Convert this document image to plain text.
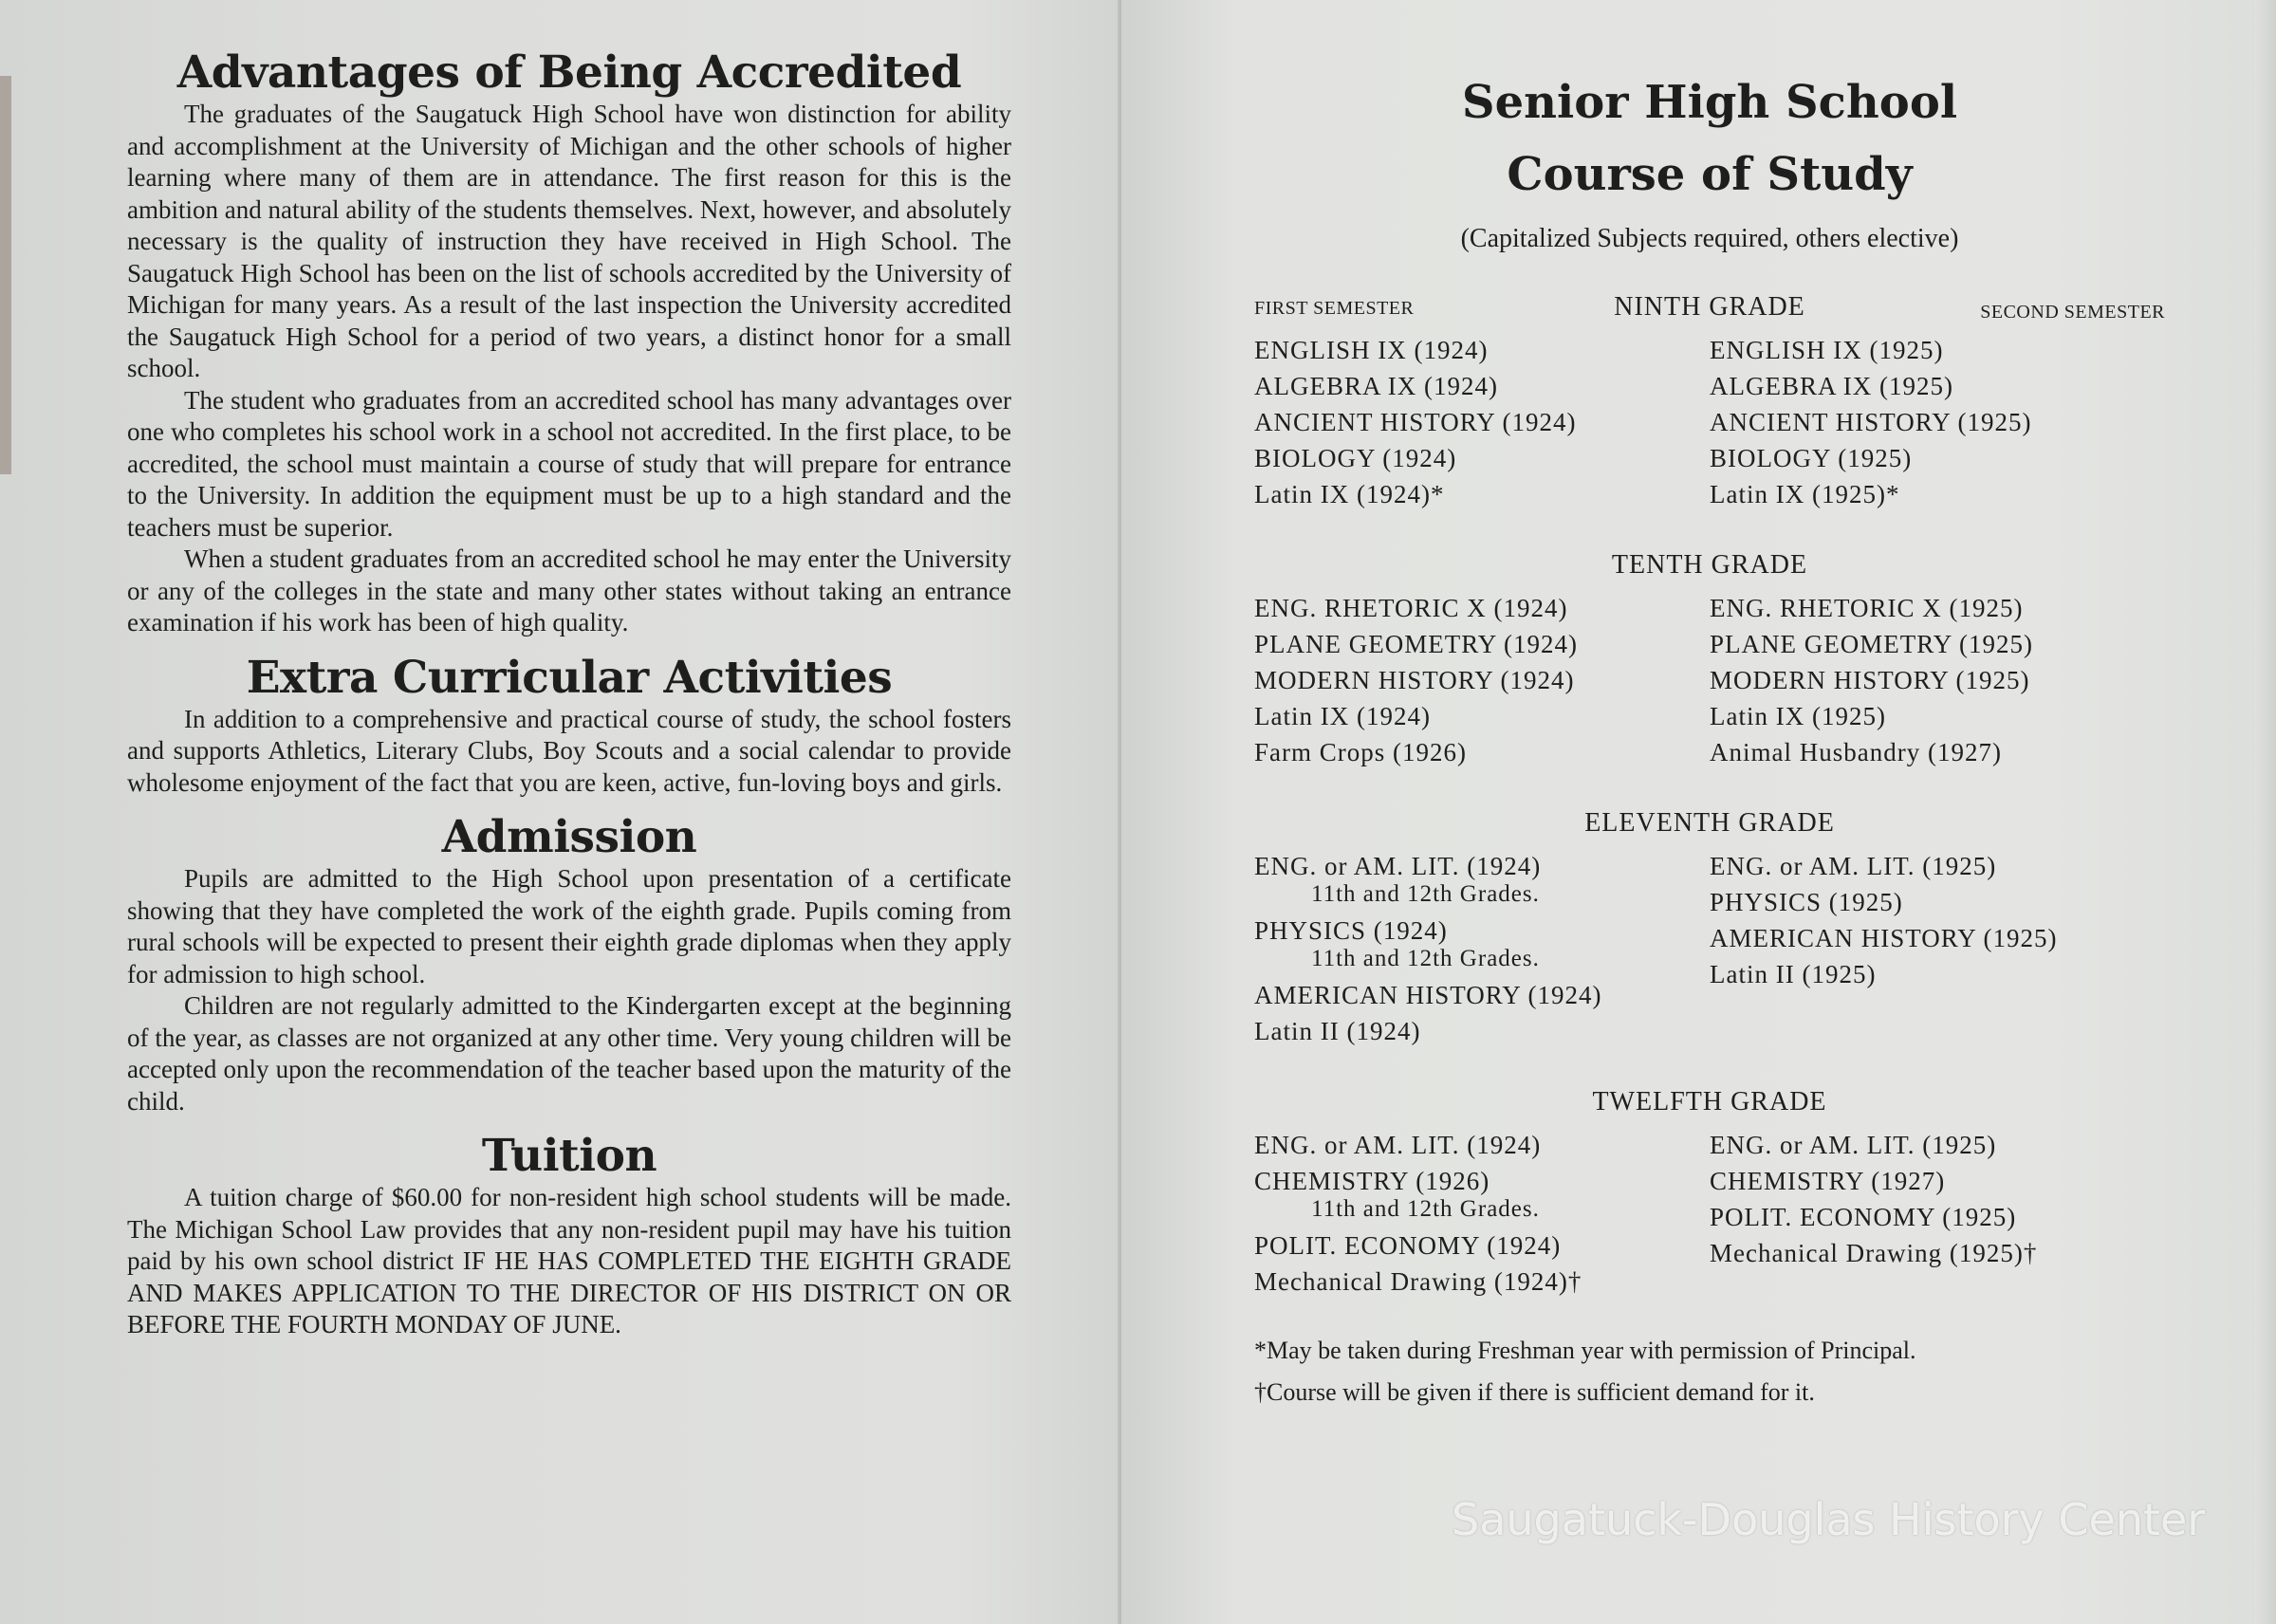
Advantages of Being Accredited

The graduates of the Saugatuck High School have won distinction for ability and accomplishment at the University of Michigan and the other schools of higher learning where many of them are in attendance. The first reason for this is the ambition and natural ability of the students themselves. Next, however, and absolutely necessary is the quality of instruction they have received in High School. The Saugatuck High School has been on the list of schools accredited by the University of Michigan for many years. As a result of the last inspection the University accredited the Saugatuck High School for a period of two years, a distinct honor for a small school.

The student who graduates from an accredited school has many advantages over one who completes his school work in a school not accredited. In the first place, to be accredited, the school must maintain a course of study that will prepare for entrance to the University. In addition the equipment must be up to a high standard and the teachers must be superior.

When a student graduates from an accredited school he may enter the University or any of the colleges in the state and many other states without taking an entrance examination if his work has been of high quality.

Extra Curricular Activities

In addition to a comprehensive and practical course of study, the school fosters and supports Athletics, Literary Clubs, Boy Scouts and a social calendar to provide wholesome enjoyment of the fact that you are keen, active, fun-loving boys and girls.

Admission

Pupils are admitted to the High School upon presentation of a certificate showing that they have completed the work of the eighth grade. Pupils coming from rural schools will be expected to present their eighth grade diplomas when they apply for admission to high school.

Children are not regularly admitted to the Kindergarten except at the beginning of the year, as classes are not organized at any other time. Very young children will be accepted only upon the recommendation of the teacher based upon the maturity of the child.

Tuition

A tuition charge of $60.00 for non-resident high school students will be made. The Michigan School Law provides that any non-resident pupil may have his tuition paid by his own school district IF HE HAS COMPLETED THE EIGHTH GRADE AND MAKES APPLICATION TO THE DIRECTOR OF HIS DISTRICT ON OR BEFORE THE FOURTH MONDAY OF JUNE.

Senior High School
Course of Study
(Capitalized Subjects required, others elective)
FIRST SEMESTER	SECOND SEMESTER
NINTH GRADE
ENGLISH IX (1924)
ALGEBRA IX (1924)
ANCIENT HISTORY (1924)
BIOLOGY (1924)
Latin IX (1924)*
ENGLISH IX (1925)
ALGEBRA IX (1925)
ANCIENT HISTORY (1925)
BIOLOGY (1925)
Latin IX (1925)*
TENTH GRADE
ENG. RHETORIC X (1924)
PLANE GEOMETRY (1924)
MODERN HISTORY (1924)
Latin IX (1924)
Farm Crops (1926)
ENG. RHETORIC X (1925)
PLANE GEOMETRY (1925)
MODERN HISTORY (1925)
Latin IX (1925)
Animal Husbandry (1927)
ELEVENTH GRADE
ENG. or AM. LIT. (1924)
11th and 12th Grades.
PHYSICS (1924)
11th and 12th Grades.
AMERICAN HISTORY (1924)
Latin II (1924)
ENG. or AM. LIT. (1925)
PHYSICS (1925)
AMERICAN HISTORY (1925)
Latin II (1925)
TWELFTH GRADE
ENG. or AM. LIT. (1924)
CHEMISTRY (1926)
11th and 12th Grades.
POLIT. ECONOMY (1924)
Mechanical Drawing (1924)†
ENG. or AM. LIT. (1925)
CHEMISTRY (1927)
POLIT. ECONOMY (1925)
Mechanical Drawing (1925)†
*May be taken during Freshman year with permission of Principal.
†Course will be given if there is sufficient demand for it.
Saugatuck-Douglas History Center
